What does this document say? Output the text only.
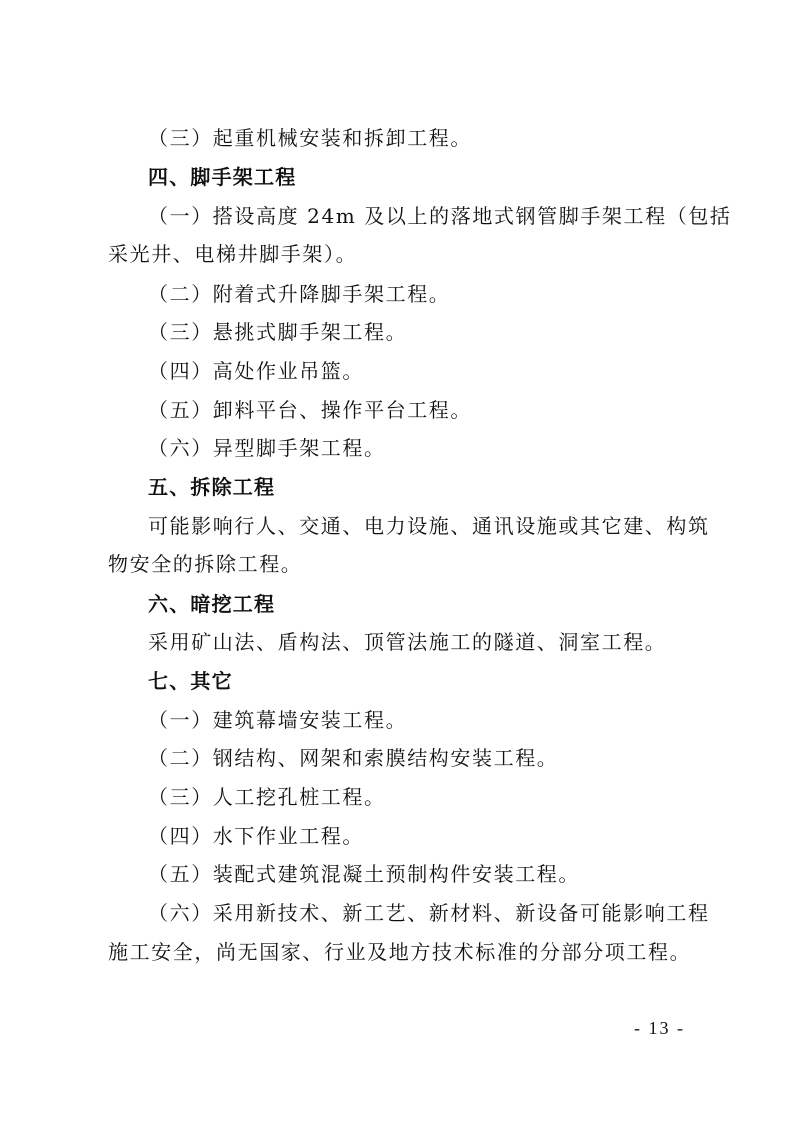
（三）起重机械安装和拆卸工程。
四、脚手架工程
（一）搭设高度 24m 及以上的落地式钢管脚手架工程（包括
采光井、电梯井脚手架）。
（二）附着式升降脚手架工程。
（三）悬挑式脚手架工程。
（四）高处作业吊篮。
（五）卸料平台、操作平台工程。
（六）异型脚手架工程。
五、拆除工程
可能影响行人、交通、电力设施、通讯设施或其它建、构筑
物安全的拆除工程。
六、暗挖工程
采用矿山法、盾构法、顶管法施工的隧道、洞室工程。
七、其它
（一）建筑幕墙安装工程。
（二）钢结构、网架和索膜结构安装工程。
（三）人工挖孔桩工程。
（四）水下作业工程。
（五）装配式建筑混凝土预制构件安装工程。
（六）采用新技术、新工艺、新材料、新设备可能影响工程
施工安全，尚无国家、行业及地方技术标准的分部分项工程。
- 13 -
